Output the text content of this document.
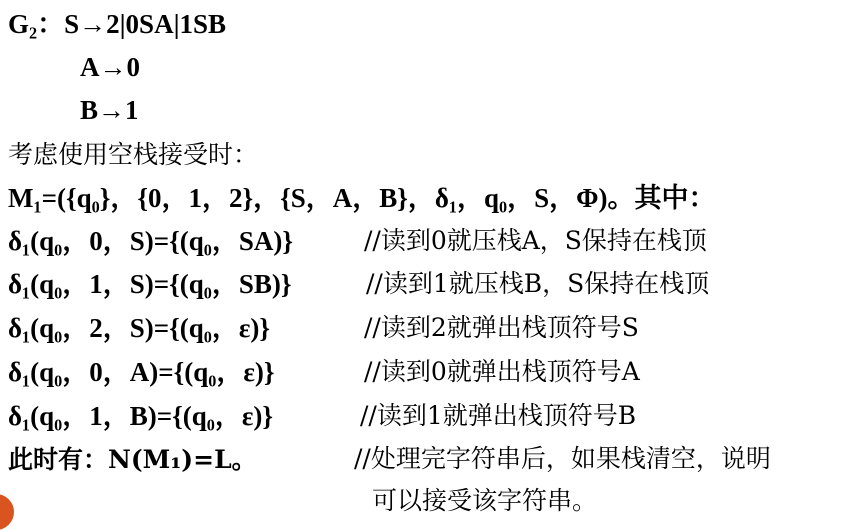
G₂：S→2|0SA|1SB
A→0
B→1
考虑使用空栈接受时：
M₁=({q₀}，{0，1，2}，{S，A，B}，δ₁，q₀，S，Φ)。其中：
δ₁(q₀，0，S)={(q₀，SA)}	//读到0就压栈A，S保持在栈顶
δ₁(q₀，1，S)={(q₀，SB)}	//读到1就压栈B，S保持在栈顶
δ₁(q₀，2，S)={(q₀，ε)}	//读到2就弹出栈顶符号S
δ₁(q₀，0，A)={(q₀，ε)}	//读到0就弹出栈顶符号A
δ₁(q₀，1，B)={(q₀，ε)}	//读到1就弹出栈顶符号B
此时有：N(M₁)=L。	//处理完字符串后，如果栈清空，说明
可以接受该字符串。
